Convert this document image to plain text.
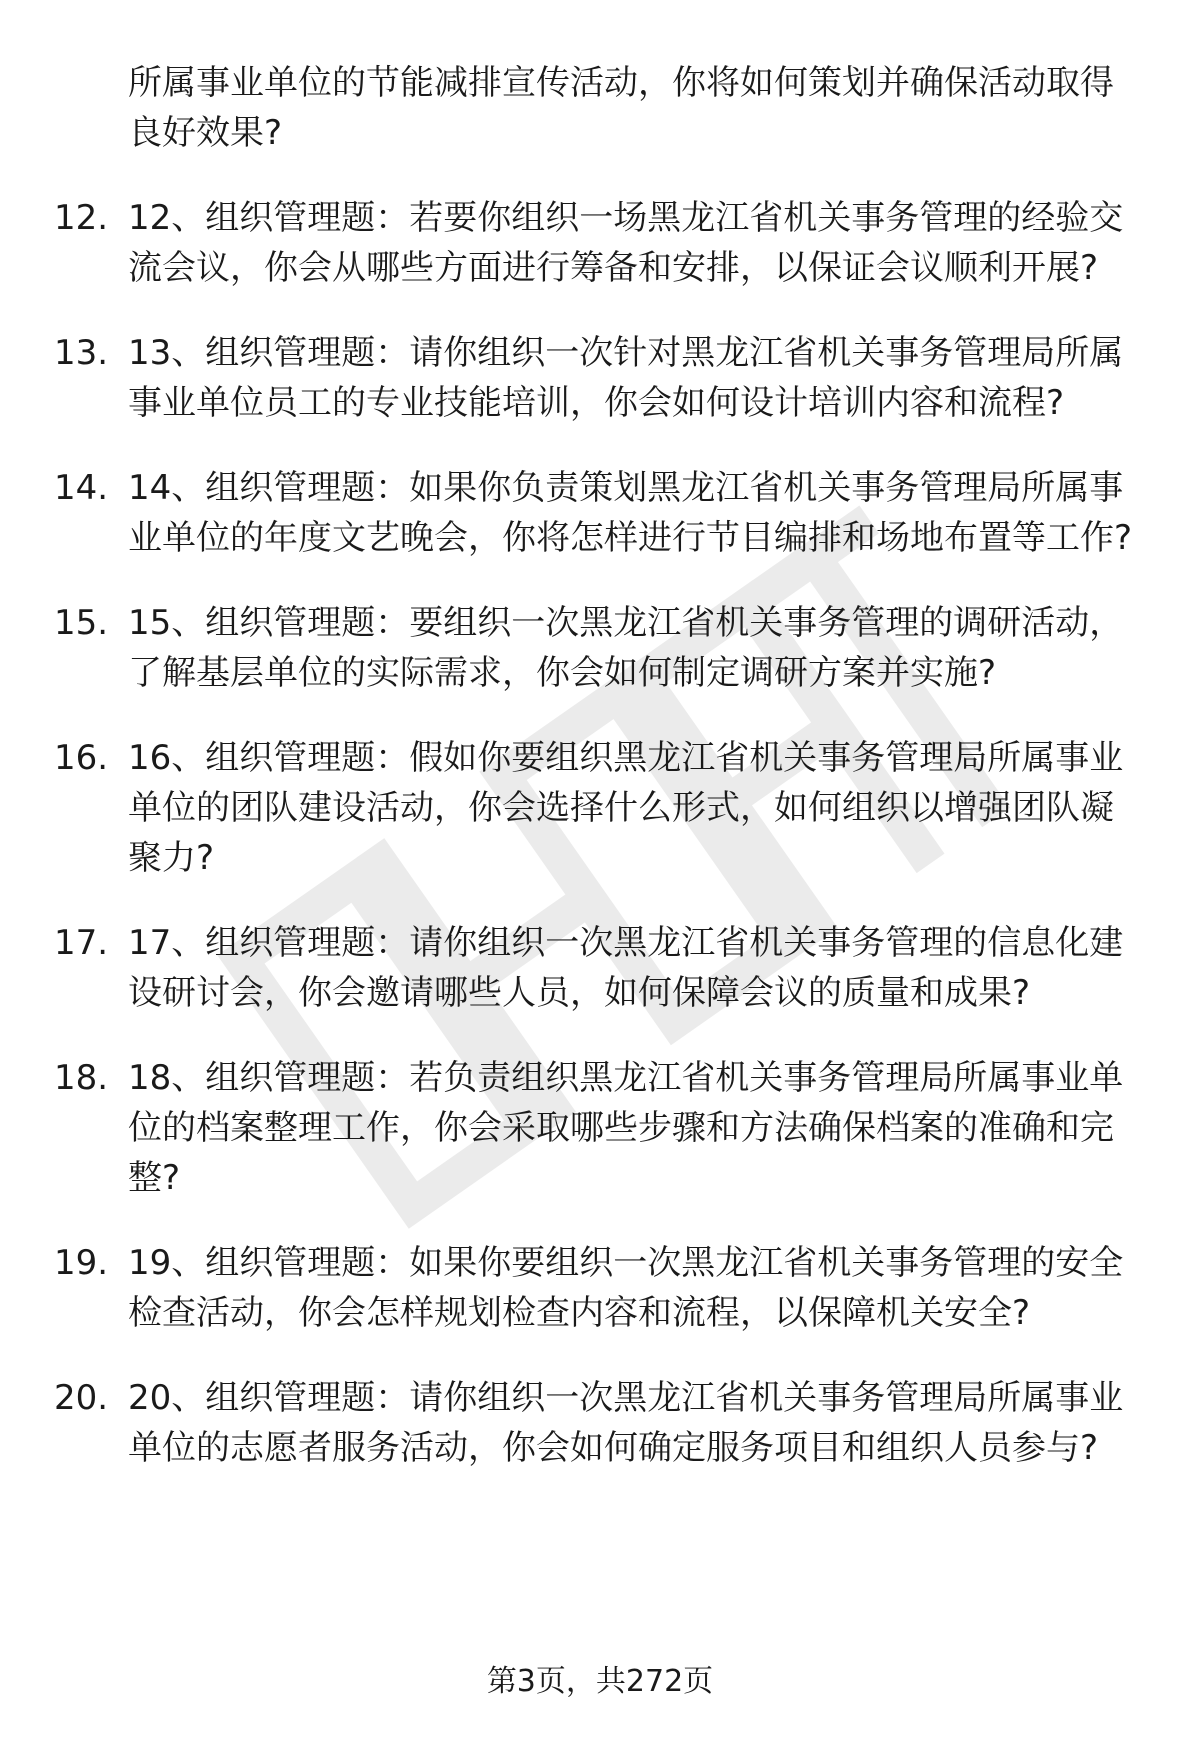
所属事业单位的节能减排宣传活动，你将如何策划并确保活动取得良好效果?
12. 12、组织管理题：若要你组织一场黑龙江省机关事务管理的经验交流会议，你会从哪些方面进行筹备和安排，以保证会议顺利开展?
13. 13、组织管理题：请你组织一次针对黑龙江省机关事务管理局所属事业单位员工的专业技能培训，你会如何设计培训内容和流程?
14. 14、组织管理题：如果你负责策划黑龙江省机关事务管理局所属事业单位的年度文艺晚会，你将怎样进行节目编排和场地布置等工作?
15. 15、组织管理题：要组织一次黑龙江省机关事务管理的调研活动，了解基层单位的实际需求，你会如何制定调研方案并实施?
16. 16、组织管理题：假如你要组织黑龙江省机关事务管理局所属事业单位的团队建设活动，你会选择什么形式，如何组织以增强团队凝聚力?
17. 17、组织管理题：请你组织一次黑龙江省机关事务管理的信息化建设研讨会，你会邀请哪些人员，如何保障会议的质量和成果?
18. 18、组织管理题：若负责组织黑龙江省机关事务管理局所属事业单位的档案整理工作，你会采取哪些步骤和方法确保档案的准确和完整?
19. 19、组织管理题：如果你要组织一次黑龙江省机关事务管理的安全检查活动，你会怎样规划检查内容和流程，以保障机关安全?
20. 20、组织管理题：请你组织一次黑龙江省机关事务管理局所属事业单位的志愿者服务活动，你会如何确定服务项目和组织人员参与?
第3页，共272页
